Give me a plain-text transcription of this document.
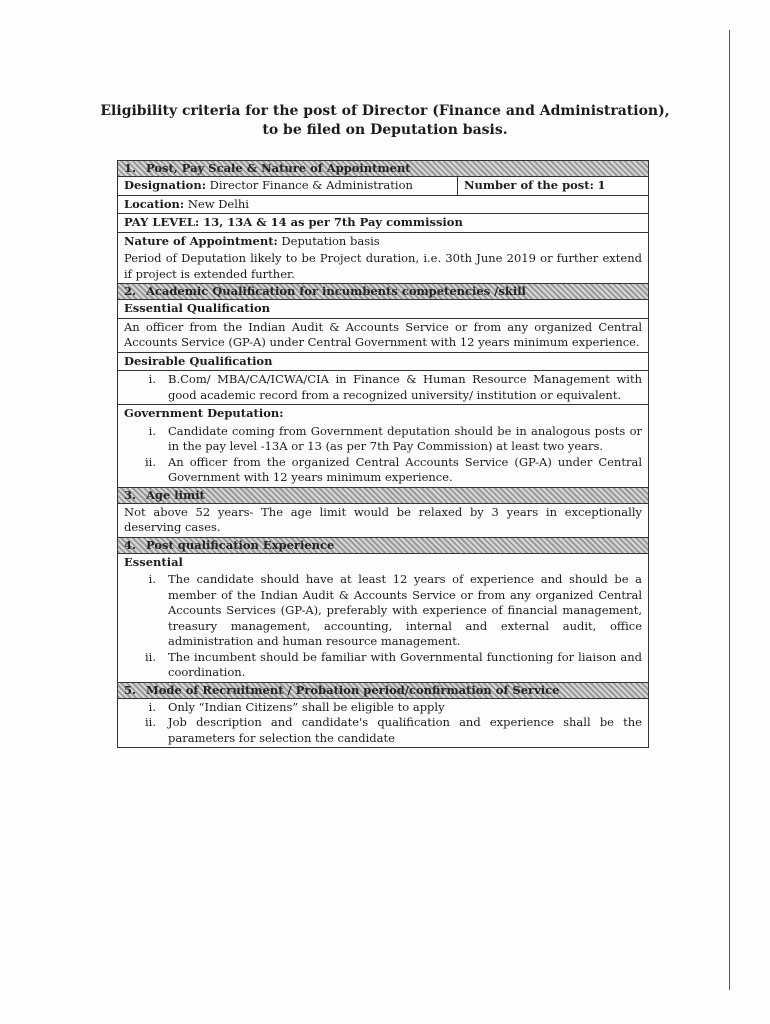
Eligibility criteria for the post of Director (Finance and Administration),
to be filed on Deputation basis.
1. Post, Pay Scale & Nature of Appointment
Designation: Director Finance & Administration	Number of the post: 1
Location: New Delhi
PAY LEVEL: 13, 13A & 14 as per 7th Pay commission
Nature of Appointment: Deputation basis
Period of Deputation likely to be Project duration, i.e. 30th June 2019 or further extend if project is extended further.
2. Academic Qualification for incumbents competencies /skill
Essential Qualification
An officer from the Indian Audit & Accounts Service or from any organized Central Accounts Service (GP-A) under Central Government with 12 years minimum experience.
Desirable Qualification
i.	B.Com/ MBA/CA/ICWA/CIA in Finance & Human Resource Management with good academic record from a recognized university/ institution or equivalent.
Government Deputation:
i.	Candidate coming from Government deputation should be in analogous posts or in the pay level -13A or 13 (as per 7th Pay Commission) at least two years.
ii.	An officer from the organized Central Accounts Service (GP-A) under Central Government with 12 years minimum experience.
3. Age limit
Not above 52 years- The age limit would be relaxed by 3 years in exceptionally deserving cases.
4. Post qualification Experience
Essential
i.	The candidate should have at least 12 years of experience and should be a member of the Indian Audit & Accounts Service or from any organized Central Accounts Services (GP-A), preferably with experience of financial management, treasury management, accounting, internal and external audit, office administration and human resource management.
ii.	The incumbent should be familiar with Governmental functioning for liaison and coordination.
5. Mode of Recruitment / Probation period/confirmation of Service
i.	Only “Indian Citizens” shall be eligible to apply
ii.	Job description and candidate's qualification and experience shall be the parameters for selection the candidate
